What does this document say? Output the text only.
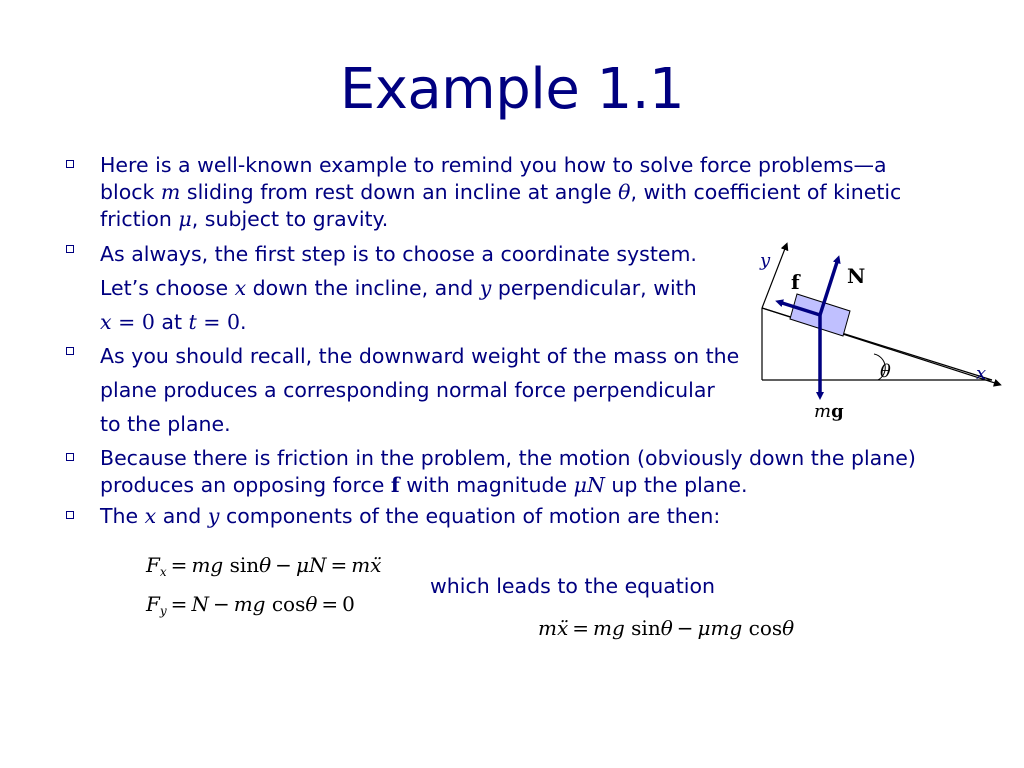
Example 1.1
Here is a well-known example to remind you how to solve force problems—a block m sliding from rest down an incline at angle θ, with coefficient of kinetic friction μ, subject to gravity.
As always, the first step is to choose a coordinate system. Let’s choose x down the incline, and y perpendicular, with x = 0 at t = 0.
As you should recall, the downward weight of the mass on the plane produces a corresponding normal force perpendicular to the plane.
Because there is friction in the problem, the motion (obviously down the plane) produces an opposing force f with magnitude μN up the plane.
The x and y components of the equation of motion are then:
y
x
f N
θ
mg
$F_x$ = mg sinθ − μN = mẍ
$F_y = N$ − mg cosθ = 0
which leads to the equation
mẍ = mg sinθ − μmg cosθ
